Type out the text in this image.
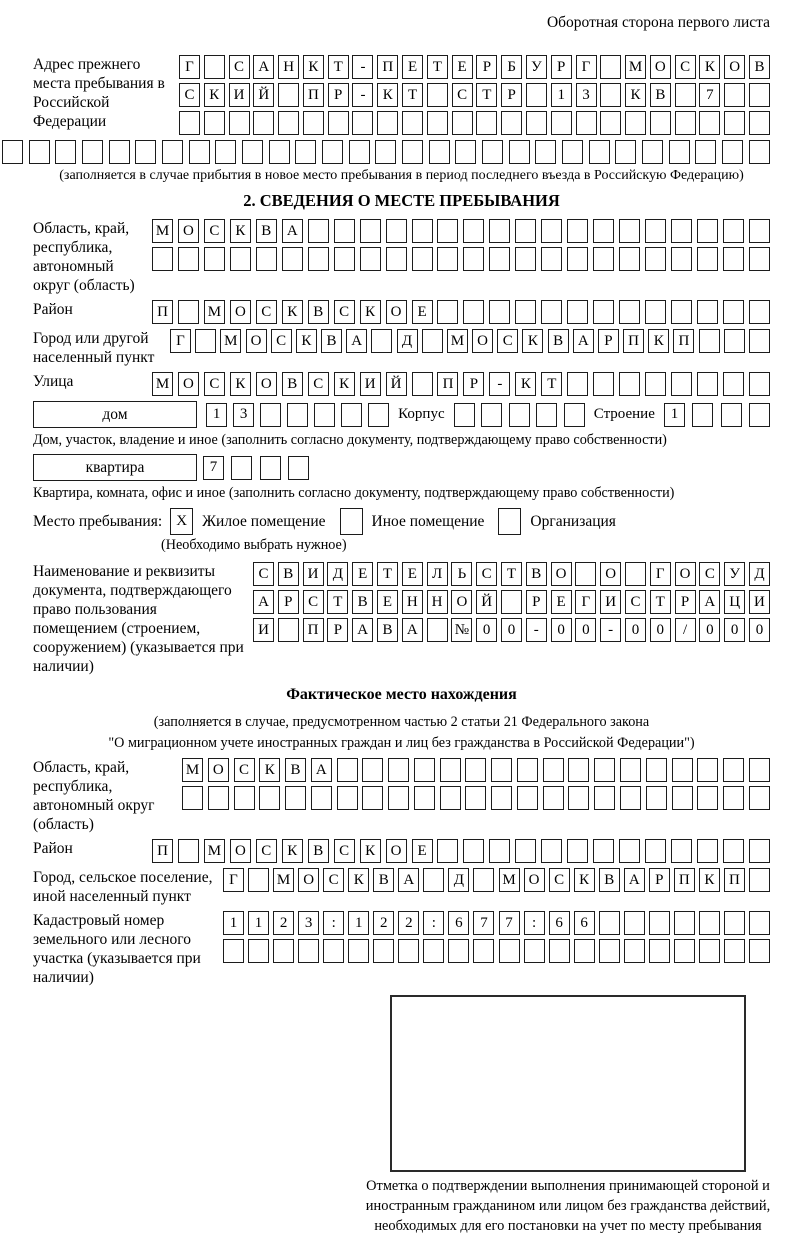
Оборотная сторона первого листа
Адрес прежнего места пребывания в Российской Федерации
Г	С А Н К	Т	-	П Е	Т	Е	Р	Б	У	Р	Г	М О С К О В
С К И Й	П	Р	-	К	Т	С	Т	Р	1	3	К В	7
(заполняется в случае прибытия в новое место пребывания в период последнего въезда в Российскую Федерацию)
2. СВЕДЕНИЯ О МЕСТЕ ПРЕБЫВАНИЯ
Область, край, республика, автономный округ (область)
М О	С	К	В	А
Район	П	М О	С	К	В	С	К	О	Е
Город или другой населенный пункт
Г	М О С	К	В А	Д	М О С	К	В А	Р	П К П
Улица	М О	С	К	О	В	С	К	И	Й	П	Р	-	К	Т
дом	1	3	Корпус	Строение	1
Дом, участок, владение и иное (заполнить согласно документу, подтверждающему право собственности)
квартира	7
Квартира, комната, офис и иное (заполнить согласно документу, подтверждающему право собственности)
Место пребывания: X Жилое помещение	Иное помещение	Организация
(Необходимо выбрать нужное)
Наименование и реквизиты документа, подтверждающего право пользования помещением (строением, сооружением) (указывается при наличии)
С В И Д	Е	Т	Е	Л	Ь	С	Т	В О	О	Г	О С У Д
А	Р	С	Т	В	Е Н Н О Й	Р	Е	Г	И С	Т	Р	А Ц И
И	П	Р	А В А	№ 0	0	-	0	0	-	0	0	/	0	0	0
Фактическое место нахождения
(заполняется в случае, предусмотренном частью 2 статьи 21 Федерального закона
"О миграционном учете иностранных граждан и лиц без гражданства в Российской Федерации")
Область, край, республика, автономный округ (область)
М О	С	К	В	А
Район	П	М О	С	К	В	С	К	О	Е
Город, сельское поселение, иной населенный пункт
Г	М О С	К	В А	Д	М О С	К	В А	Р	П К П
Кадастровый номер земельного или лесного участка (указывается при наличии)
1	1	2	3	:	1	2	2	:	6	7	7	:	6	6
Отметка о подтверждении выполнения принимающей стороной и иностранным гражданином или лицом без гражданства действий, необходимых для его постановки на учет по месту пребывания
